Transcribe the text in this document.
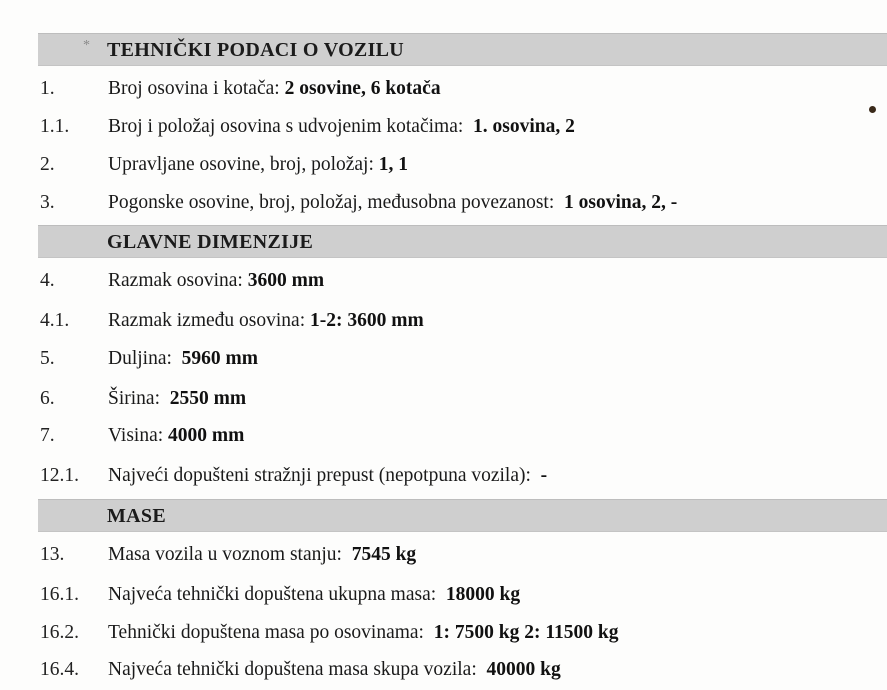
* TEHNIČKI PODACI O VOZILU
1.	Broj osovina i kotača: 2 osovine, 6 kotača
1.1. Broj i položaj osovina s udvojenim kotačima: 1. osovina, 2
2.	Upravljane osovine, broj, položaj: 1, 1
3.	Pogonske osovine, broj, položaj, međusobna povezanost: 1 osovina, 2, -
GLAVNE DIMENZIJE
4.	Razmak osovina: 3600 mm
4.1. Razmak između osovina: 1-2: 3600 mm
5.	Duljina: 5960 mm
6.	Širina: 2550 mm
7.	Visina: 4000 mm
12.1. Najveći dopušteni stražnji prepust (nepotpuna vozila): -
MASE
13. Masa vozila u voznom stanju: 7545 kg
16.1. Najveća tehnički dopuštena ukupna masa: 18000 kg
16.2. Tehnički dopuštena masa po osovinama: 1: 7500 kg 2: 11500 kg
16.4. Najveća tehnički dopuštena masa skupa vozila: 40000 kg
